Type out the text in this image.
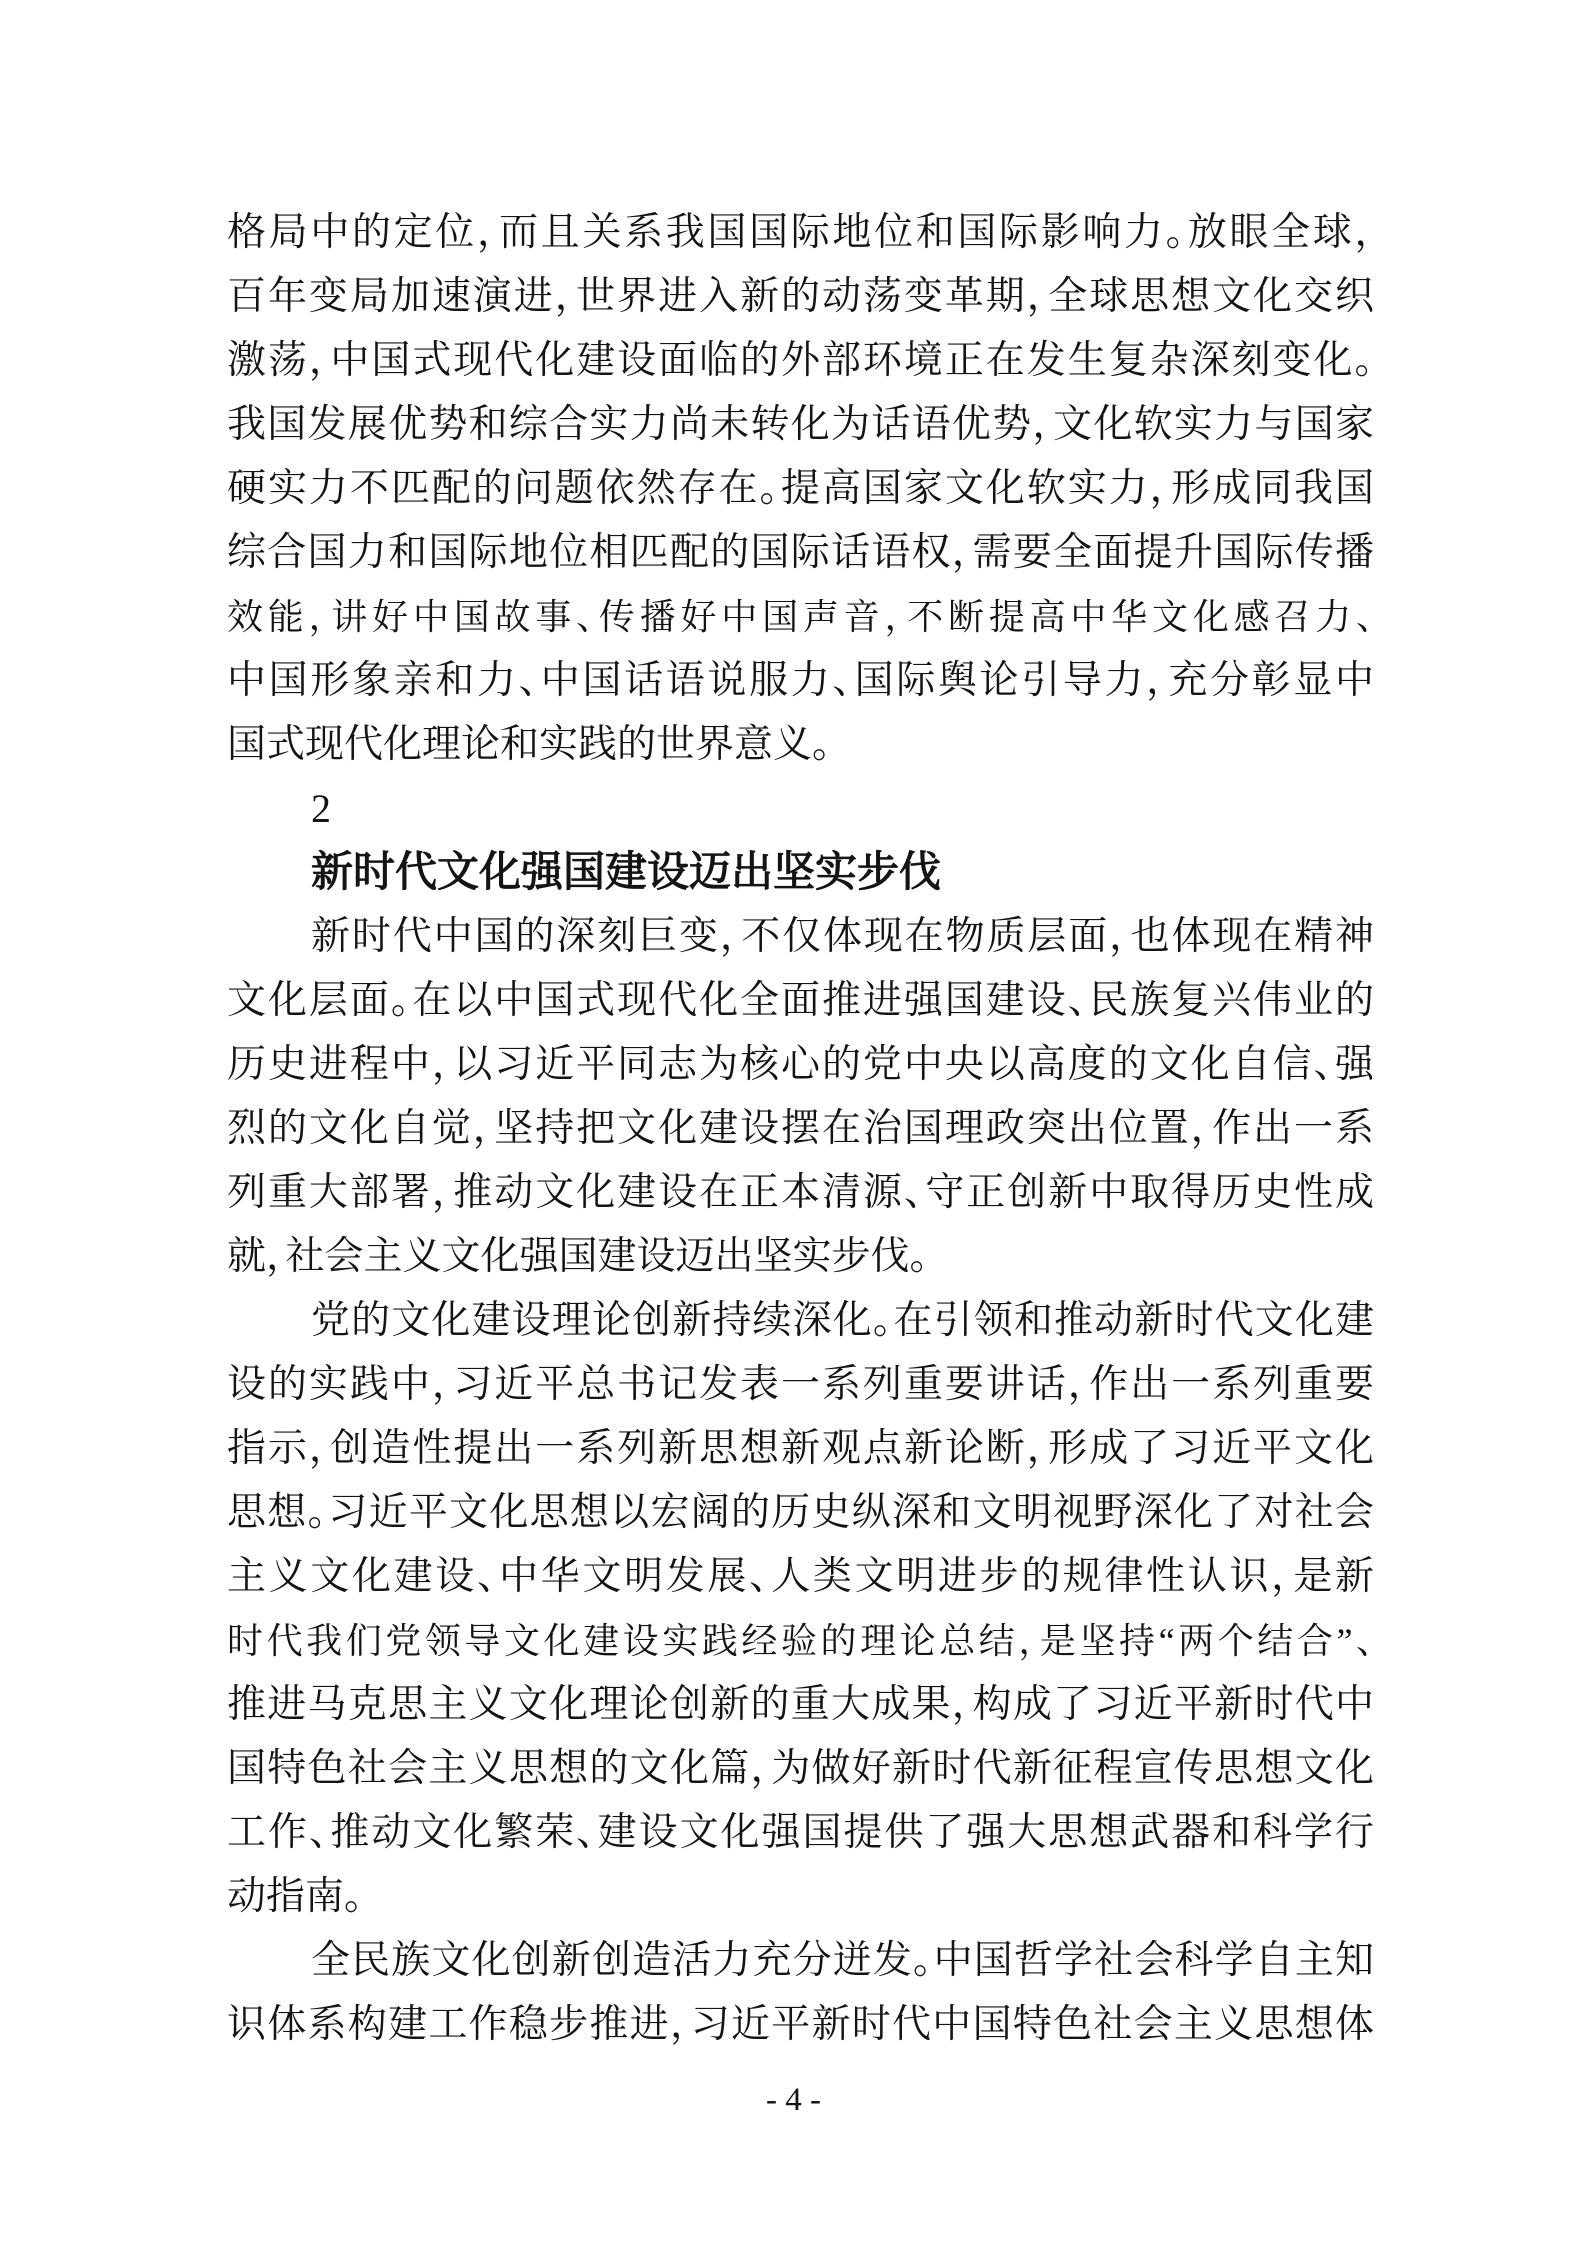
格局中的定位，而且关系我国国际地位和国际影响力。放眼全球，
百年变局加速演进，世界进入新的动荡变革期，全球思想文化交织
激荡，中国式现代化建设面临的外部环境正在发生复杂深刻变化。
我国发展优势和综合实力尚未转化为话语优势，文化软实力与国家
硬实力不匹配的问题依然存在。提高国家文化软实力，形成同我国
综合国力和国际地位相匹配的国际话语权，需要全面提升国际传播
效能，讲好中国故事、传播好中国声音，不断提高中华文化感召力、
中国形象亲和力、中国话语说服力、国际舆论引导力，充分彰显中
国式现代化理论和实践的世界意义。
2
新时代文化强国建设迈出坚实步伐
新时代中国的深刻巨变，不仅体现在物质层面，也体现在精神
文化层面。在以中国式现代化全面推进强国建设、民族复兴伟业的
历史进程中，以习近平同志为核心的党中央以高度的文化自信、强
烈的文化自觉，坚持把文化建设摆在治国理政突出位置，作出一系
列重大部署，推动文化建设在正本清源、守正创新中取得历史性成
就，社会主义文化强国建设迈出坚实步伐。
党的文化建设理论创新持续深化。在引领和推动新时代文化建
设的实践中，习近平总书记发表一系列重要讲话，作出一系列重要
指示，创造性提出一系列新思想新观点新论断，形成了习近平文化
思想。习近平文化思想以宏阔的历史纵深和文明视野深化了对社会
主义文化建设、中华文明发展、人类文明进步的规律性认识，是新
时代我们党领导文化建设实践经验的理论总结，是坚持“两个结合”、
推进马克思主义文化理论创新的重大成果，构成了习近平新时代中
国特色社会主义思想的文化篇，为做好新时代新征程宣传思想文化
工作、推动文化繁荣、建设文化强国提供了强大思想武器和科学行
动指南。
全民族文化创新创造活力充分迸发。中国哲学社会科学自主知
识体系构建工作稳步推进，习近平新时代中国特色社会主义思想体
- 4 -
